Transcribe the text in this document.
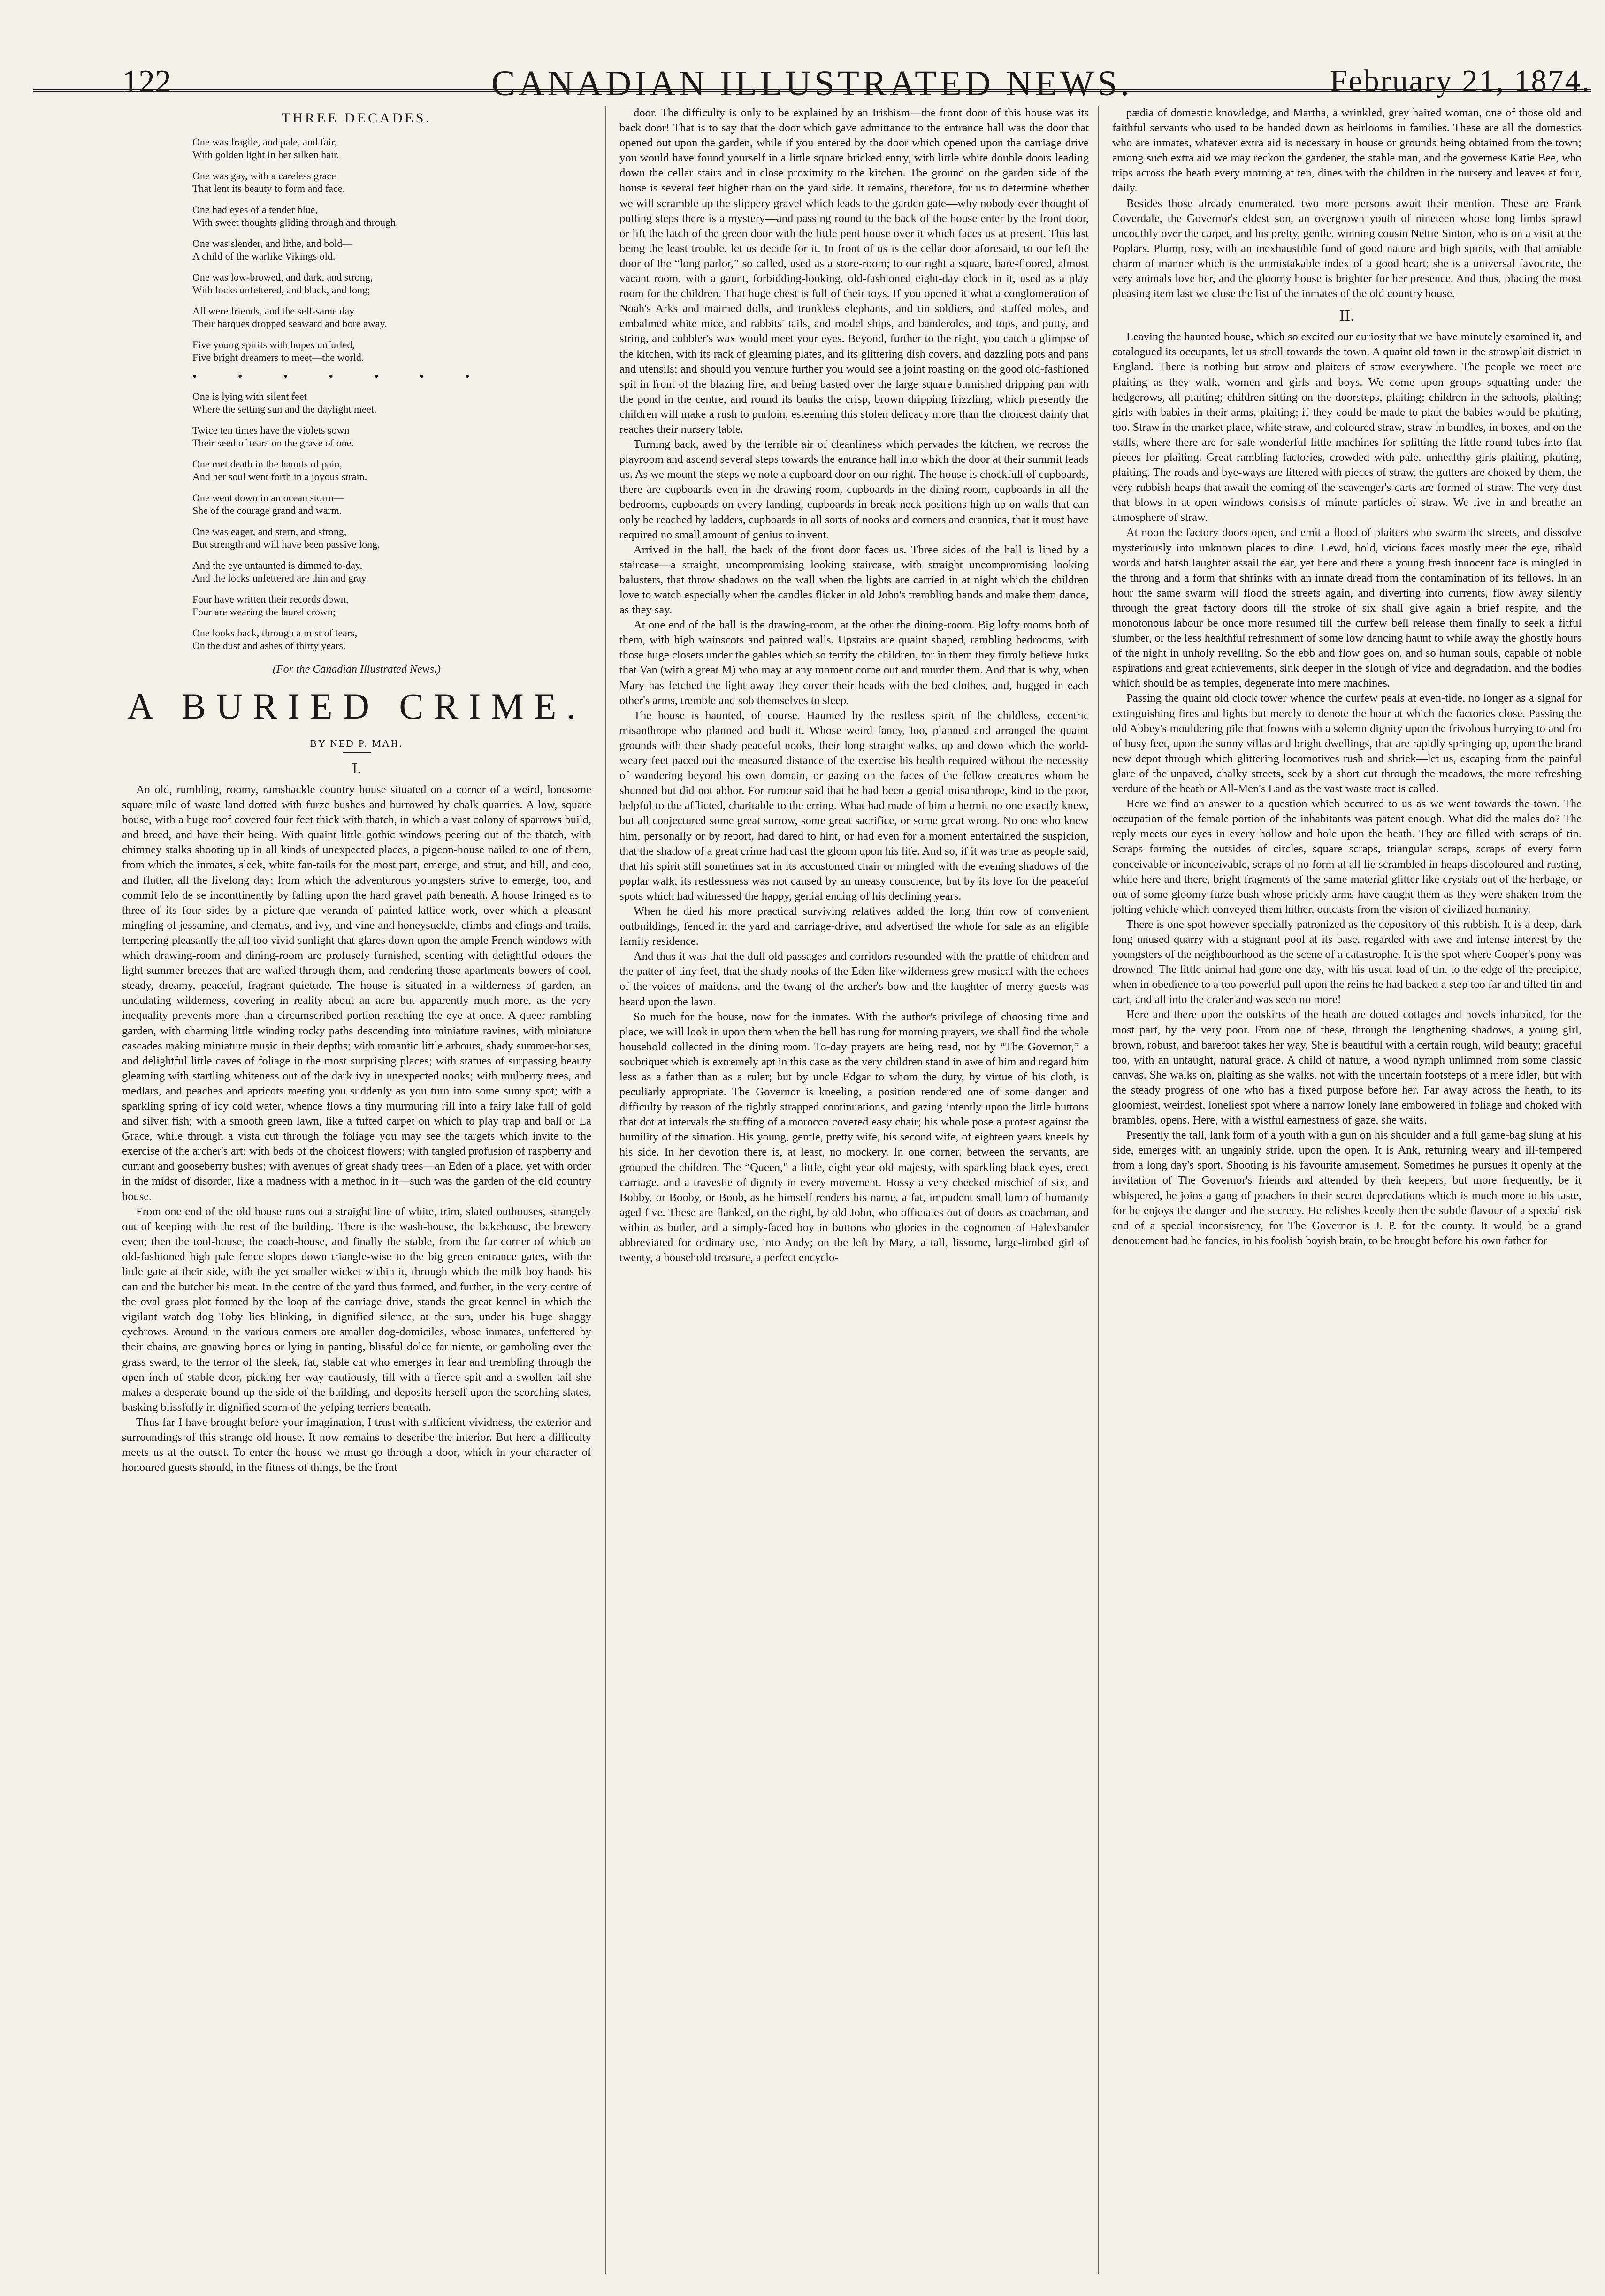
122	CANADIAN ILLUSTRATED NEWS.	February 21, 1874.
THREE DECADES.
One was fragile, and pale, and fair,
With golden light in her silken hair.
One was gay, with a careless grace
That lent its beauty to form and face.
One had eyes of a tender blue,
With sweet thoughts gliding through and through.
One was slender, and lithe, and bold—
A child of the warlike Vikings old.
One was low-browed, and dark, and strong,
With locks unfettered, and black, and long;
All were friends, and the self-same day
Their barques dropped seaward and bore away.
Five young spirits with hopes unfurled,
Five bright dreamers to meet—the world.
• • • • • • •
One is lying with silent feet
Where the setting sun and the daylight meet.
Twice ten times have the violets sown
Their seed of tears on the grave of one.
One met death in the haunts of pain,
And her soul went forth in a joyous strain.
One went down in an ocean storm—
She of the courage grand and warm.
One was eager, and stern, and strong,
But strength and will have been passive long.
And the eye untaunted is dimmed to-day,
And the locks unfettered are thin and gray.
Four have written their records down,
Four are wearing the laurel crown;
One looks back, through a mist of tears,
On the dust and ashes of thirty years.
(For the Canadian Illustrated News.)
A BURIED CRIME.
BY NED P. MAH.
I.

An old, rumbling, roomy, ramshackle country house situated on a corner of a weird, lonesome square mile of waste land dotted with furze bushes and burrowed by chalk quarries. A low, square house, with a huge roof covered four feet thick with thatch, in which a vast colony of sparrows build, and breed, and have their being. With quaint little gothic windows peering out of the thatch, with chimney stalks shooting up in all kinds of unexpected places, a pigeon-house nailed to one of them, from which the inmates, sleek, white fan-tails for the most part, emerge, and strut, and bill, and coo, and flutter, all the livelong day; from which the adventurous youngsters strive to emerge, too, and commit felo de se inconttinently by falling upon the hard gravel path beneath. A house fringed as to three of its four sides by a picture-que veranda of painted lattice work, over which a pleasant mingling of jessamine, and clematis, and ivy, and vine and honeysuckle, climbs and clings and trails, tempering pleasantly the all too vivid sunlight that glares down upon the ample French windows with which drawing-room and dining-room are profusely furnished, scenting with delightful odours the light summer breezes that are wafted through them, and rendering those apartments bowers of cool, steady, dreamy, peaceful, fragrant quietude. The house is situated in a wilderness of garden, an undulating wilderness, covering in reality about an acre but apparently much more, as the very inequality prevents more than a circumscribed portion reaching the eye at once. A queer rambling garden, with charming little winding rocky paths descending into miniature ravines, with miniature cascades making miniature music in their depths; with romantic little arbours, shady summer-houses, and delightful little caves of foliage in the most surprising places; with statues of surpassing beauty gleaming with startling whiteness out of the dark ivy in unexpected nooks; with mulberry trees, and medlars, and peaches and apricots meeting you suddenly as you turn into some sunny spot; with a sparkling spring of icy cold water, whence flows a tiny murmuring rill into a fairy lake full of gold and silver fish; with a smooth green lawn, like a tufted carpet on which to play trap and ball or La Grace, while through a vista cut through the foliage you may see the targets which invite to the exercise of the archer's art; with beds of the choicest flowers; with tangled profusion of raspberry and currant and gooseberry bushes; with avenues of great shady trees—an Eden of a place, yet with order in the midst of disorder, like a madness with a method in it—such was the garden of the old country house.

From one end of the old house runs out a straight line of white, trim, slated outhouses, strangely out of keeping with the rest of the building. There is the wash-house, the bakehouse, the brewery even; then the tool-house, the coach-house, and finally the stable, from the far corner of which an old-fashioned high pale fence slopes down triangle-wise to the big green entrance gates, with the little gate at their side, with the yet smaller wicket within it, through which the milk boy hands his can and the butcher his meat. In the centre of the yard thus formed, and further, in the very centre of the oval grass plot formed by the loop of the carriage drive, stands the great kennel in which the vigilant watch dog Toby lies blinking, in dignified silence, at the sun, under his huge shaggy eyebrows. Around in the various corners are smaller dog-domiciles, whose inmates, unfettered by their chains, are gnawing bones or lying in panting, blissful dolce far niente, or gamboling over the grass sward, to the terror of the sleek, fat, stable cat who emerges in fear and trembling through the open inch of stable door, picking her way cautiously, till with a fierce spit and a swollen tail she makes a desperate bound up the side of the building, and deposits herself upon the scorching slates, basking blissfully in dignified scorn of the yelping terriers beneath.

Thus far I have brought before your imagination, I trust with sufficient vividness, the exterior and surroundings of this strange old house. It now remains to describe the interior. But here a difficulty meets us at the outset. To enter the house we must go through a door, which in your character of honoured guests should, in the fitness of things, be the front

door. The difficulty is only to be explained by an Irishism—the front door of this house was its back door! That is to say that the door which gave admittance to the entrance hall was the door that opened out upon the garden, while if you entered by the door which opened upon the carriage drive you would have found yourself in a little square bricked entry, with little white double doors leading down the cellar stairs and in close proximity to the kitchen. The ground on the garden side of the house is several feet higher than on the yard side. It remains, therefore, for us to determine whether we will scramble up the slippery gravel which leads to the garden gate—why nobody ever thought of putting steps there is a mystery—and passing round to the back of the house enter by the front door, or lift the latch of the green door with the little pent house over it which faces us at present. This last being the least trouble, let us decide for it. In front of us is the cellar door aforesaid, to our left the door of the “long parlor,” so called, used as a store-room; to our right a square, bare-floored, almost vacant room, with a gaunt, forbidding-looking, old-fashioned eight-day clock in it, used as a play room for the children. That huge chest is full of their toys. If you opened it what a conglomeration of Noah's Arks and maimed dolls, and trunkless elephants, and tin soldiers, and stuffed moles, and embalmed white mice, and rabbits' tails, and model ships, and banderoles, and tops, and putty, and string, and cobbler's wax would meet your eyes. Beyond, further to the right, you catch a glimpse of the kitchen, with its rack of gleaming plates, and its glittering dish covers, and dazzling pots and pans and utensils; and should you venture further you would see a joint roasting on the good old-fashioned spit in front of the blazing fire, and being basted over the large square burnished dripping pan with the pond in the centre, and round its banks the crisp, brown dripping frizzling, which presently the children will make a rush to purloin, esteeming this stolen delicacy more than the choicest dainty that reaches their nursery table.

Turning back, awed by the terrible air of cleanliness which pervades the kitchen, we recross the playroom and ascend several steps towards the entrance hall into which the door at their summit leads us. As we mount the steps we note a cupboard door on our right. The house is chockfull of cupboards, there are cupboards even in the drawing-room, cupboards in the dining-room, cupboards in all the bedrooms, cupboards on every landing, cupboards in break-neck positions high up on walls that can only be reached by ladders, cupboards in all sorts of nooks and corners and crannies, that it must have required no small amount of genius to invent.

Arrived in the hall, the back of the front door faces us. Three sides of the hall is lined by a staircase—a straight, uncompromising looking staircase, with straight uncompromising looking balusters, that throw shadows on the wall when the lights are carried in at night which the children love to watch especially when the candles flicker in old John's trembling hands and make them dance, as they say.

At one end of the hall is the drawing-room, at the other the dining-room. Big lofty rooms both of them, with high wainscots and painted walls. Upstairs are quaint shaped, rambling bedrooms, with those huge closets under the gables which so terrify the children, for in them they firmly believe lurks that Van (with a great M) who may at any moment come out and murder them. And that is why, when Mary has fetched the light away they cover their heads with the bed clothes, and, hugged in each other's arms, tremble and sob themselves to sleep.

The house is haunted, of course. Haunted by the restless spirit of the childless, eccentric misanthrope who planned and built it. Whose weird fancy, too, planned and arranged the quaint grounds with their shady peaceful nooks, their long straight walks, up and down which the world-weary feet paced out the measured distance of the exercise his health required without the necessity of wandering beyond his own domain, or gazing on the faces of the fellow creatures whom he shunned but did not abhor. For rumour said that he had been a genial misanthrope, kind to the poor, helpful to the afflicted, charitable to the erring. What had made of him a hermit no one exactly knew, but all conjectured some great sorrow, some great sacrifice, or some great wrong. No one who knew him, personally or by report, had dared to hint, or had even for a moment entertained the suspicion, that the shadow of a great crime had cast the gloom upon his life. And so, if it was true as people said, that his spirit still sometimes sat in its accustomed chair or mingled with the evening shadows of the poplar walk, its restlessness was not caused by an uneasy conscience, but by its love for the peaceful spots which had witnessed the happy, genial ending of his declining years.

When he died his more practical surviving relatives added the long thin row of convenient outbuildings, fenced in the yard and carriage-drive, and advertised the whole for sale as an eligible family residence.

And thus it was that the dull old passages and corridors resounded with the prattle of children and the patter of tiny feet, that the shady nooks of the Eden-like wilderness grew musical with the echoes of the voices of maidens, and the twang of the archer's bow and the laughter of merry guests was heard upon the lawn.

So much for the house, now for the inmates. With the author's privilege of choosing time and place, we will look in upon them when the bell has rung for morning prayers, we shall find the whole household collected in the dining room. To-day prayers are being read, not by “The Governor,” a soubriquet which is extremely apt in this case as the very children stand in awe of him and regard him less as a father than as a ruler; but by uncle Edgar to whom the duty, by virtue of his cloth, is peculiarly appropriate. The Governor is kneeling, a position rendered one of some danger and difficulty by reason of the tightly strapped continuations, and gazing intently upon the little buttons that dot at intervals the stuffing of a morocco covered easy chair; his whole pose a protest against the humility of the situation. His young, gentle, pretty wife, his second wife, of eighteen years kneels by his side. In her devotion there is, at least, no mockery. In one corner, between the servants, are grouped the children. The “Queen,” a little, eight year old majesty, with sparkling black eyes, erect carriage, and a travestie of dignity in every movement. Hossy a very checked mischief of six, and Bobby, or Booby, or Boob, as he himself renders his name, a fat, impudent small lump of humanity aged five. These are flanked, on the right, by old John, who officiates out of doors as coachman, and within as butler, and a simply-faced boy in buttons who glories in the cognomen of Halexbander abbreviated for ordinary use, into Andy; on the left by Mary, a tall, lissome, large-limbed girl of twenty, a household treasure, a perfect encyclo-

pædia of domestic knowledge, and Martha, a wrinkled, grey haired woman, one of those old and faithful servants who used to be handed down as heirlooms in families. These are all the domestics who are inmates, whatever extra aid is necessary in house or grounds being obtained from the town; among such extra aid we may reckon the gardener, the stable man, and the governess Katie Bee, who trips across the heath every morning at ten, dines with the children in the nursery and leaves at four, daily.

Besides those already enumerated, two more persons await their mention. These are Frank Coverdale, the Governor's eldest son, an overgrown youth of nineteen whose long limbs sprawl uncouthly over the carpet, and his pretty, gentle, winning cousin Nettie Sinton, who is on a visit at the Poplars. Plump, rosy, with an inexhaustible fund of good nature and high spirits, with that amiable charm of manner which is the unmistakable index of a good heart; she is a universal favourite, the very animals love her, and the gloomy house is brighter for her presence. And thus, placing the most pleasing item last we close the list of the inmates of the old country house.

II.

Leaving the haunted house, which so excited our curiosity that we have minutely examined it, and catalogued its occupants, let us stroll towards the town. A quaint old town in the strawplait district in England. There is nothing but straw and plaiters of straw everywhere. The people we meet are plaiting as they walk, women and girls and boys. We come upon groups squatting under the hedgerows, all plaiting; children sitting on the doorsteps, plaiting; children in the schools, plaiting; girls with babies in their arms, plaiting; if they could be made to plait the babies would be plaiting, too. Straw in the market place, white straw, and coloured straw, straw in bundles, in boxes, and on the stalls, where there are for sale wonderful little machines for splitting the little round tubes into flat pieces for plaiting. Great rambling factories, crowded with pale, unhealthy girls plaiting, plaiting, plaiting. The roads and bye-ways are littered with pieces of straw, the gutters are choked by them, the very rubbish heaps that await the coming of the scavenger's carts are formed of straw. The very dust that blows in at open windows consists of minute particles of straw. We live in and breathe an atmosphere of straw.

At noon the factory doors open, and emit a flood of plaiters who swarm the streets, and dissolve mysteriously into unknown places to dine. Lewd, bold, vicious faces mostly meet the eye, ribald words and harsh laughter assail the ear, yet here and there a young fresh innocent face is mingled in the throng and a form that shrinks with an innate dread from the contamination of its fellows. In an hour the same swarm will flood the streets again, and diverting into currents, flow away silently through the great factory doors till the stroke of six shall give again a brief respite, and the monotonous labour be once more resumed till the curfew bell release them finally to seek a fitful slumber, or the less healthful refreshment of some low dancing haunt to while away the ghostly hours of the night in unholy revelling. So the ebb and flow goes on, and so human souls, capable of noble aspirations and great achievements, sink deeper in the slough of vice and degradation, and the bodies which should be as temples, degenerate into mere machines.

Passing the quaint old clock tower whence the curfew peals at even-tide, no longer as a signal for extinguishing fires and lights but merely to denote the hour at which the factories close. Passing the old Abbey's mouldering pile that frowns with a solemn dignity upon the frivolous hurrying to and fro of busy feet, upon the sunny villas and bright dwellings, that are rapidly springing up, upon the brand new depot through which glittering locomotives rush and shriek—let us, escaping from the painful glare of the unpaved, chalky streets, seek by a short cut through the meadows, the more refreshing verdure of the heath or All-Men's Land as the vast waste tract is called.

Here we find an answer to a question which occurred to us as we went towards the town. The occupation of the female portion of the inhabitants was patent enough. What did the males do? The reply meets our eyes in every hollow and hole upon the heath. They are filled with scraps of tin. Scraps forming the outsides of circles, square scraps, triangular scraps, scraps of every form conceivable or inconceivable, scraps of no form at all lie scrambled in heaps discoloured and rusting, while here and there, bright fragments of the same material glitter like crystals out of the herbage, or out of some gloomy furze bush whose prickly arms have caught them as they were shaken from the jolting vehicle which conveyed them hither, outcasts from the vision of civilized humanity.

There is one spot however specially patronized as the depository of this rubbish. It is a deep, dark long unused quarry with a stagnant pool at its base, regarded with awe and intense interest by the youngsters of the neighbourhood as the scene of a catastrophe. It is the spot where Cooper's pony was drowned. The little animal had gone one day, with his usual load of tin, to the edge of the precipice, when in obedience to a too powerful pull upon the reins he had backed a step too far and tilted tin and cart, and all into the crater and was seen no more!

Here and there upon the outskirts of the heath are dotted cottages and hovels inhabited, for the most part, by the very poor. From one of these, through the lengthening shadows, a young girl, brown, robust, and barefoot takes her way. She is beautiful with a certain rough, wild beauty; graceful too, with an untaught, natural grace. A child of nature, a wood nymph unlimned from some classic canvas. She walks on, plaiting as she walks, not with the uncertain footsteps of a mere idler, but with the steady progress of one who has a fixed purpose before her. Far away across the heath, to its gloomiest, weirdest, loneliest spot where a narrow lonely lane embowered in foliage and choked with brambles, opens. Here, with a wistful earnestness of gaze, she waits.

Presently the tall, lank form of a youth with a gun on his shoulder and a full game-bag slung at his side, emerges with an ungainly stride, upon the open. It is Ank, returning weary and ill-tempered from a long day's sport. Shooting is his favourite amusement. Sometimes he pursues it openly at the invitation of The Governor's friends and attended by their keepers, but more frequently, be it whispered, he joins a gang of poachers in their secret depredations which is much more to his taste, for he enjoys the danger and the secrecy. He relishes keenly then the subtle flavour of a special risk and of a special inconsistency, for The Governor is J. P. for the county. It would be a grand denouement had he fancies, in his foolish boyish brain, to be brought before his own father for
